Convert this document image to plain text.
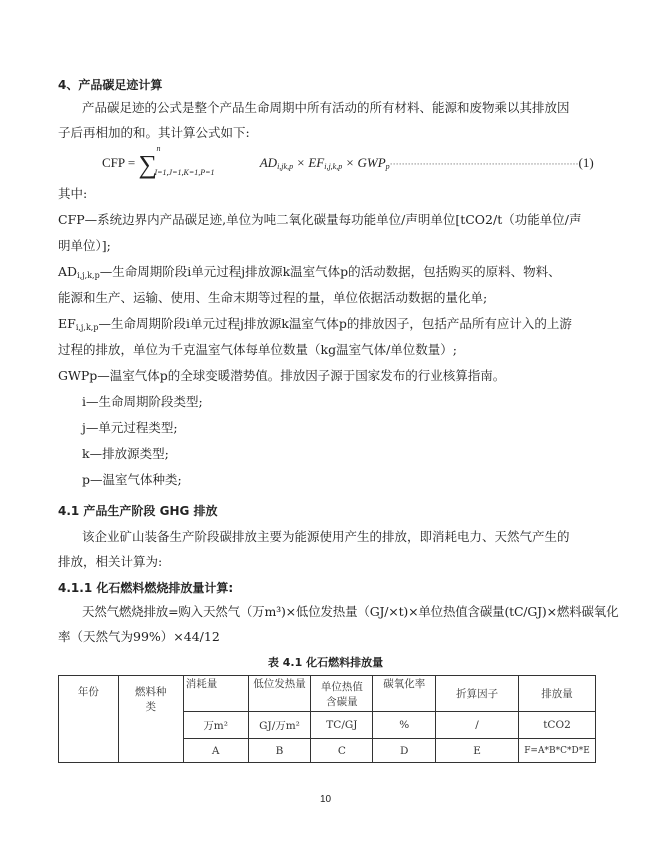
4、产品碳足迹计算
产品碳足迹的公式是整个产品生命周期中所有活动的所有材料、能源和废物乘以其排放因
子后再相加的和。其计算公式如下:
CFP = ∑
n
I=1,J=1,K=1,P=1
$AD_{i,jk,p} \times EF_{i,j,k,p} \times GWP_p\cdot\cdot\cdot\cdot\cdot\cdot\cdot\cdot\cdot\cdot\cdot\cdot\cdot\cdot\cdot\cdot\cdot\cdot\cdot\cdot\cdot\cdot\cdot\cdot\cdot\cdot\cdot\cdot\cdot\cdot\cdot\cdot\cdot\cdot\cdot\cdot\cdot\cdot\cdot\cdot\cdot\cdot\cdot\cdot\cdot\cdot\cdot\cdot\cdot\cdot\cdot\cdot\cdot\cdot\cdot\cdot\cdot\cdot\cdot\cdot\cdot\cdot\cdot(1)$
其中:
CFP—系统边界内产品碳足迹,单位为吨二氧化碳量每功能单位/声明单位[tCO2/t（功能单位/声
明单位）];
$AD_{i,j,k,p}—$生命周期阶段i单元过程j排放源k温室气体p的活动数据，包括购买的原料、物料、
能源和生产、运输、使用、生命末期等过程的量，单位依据活动数据的量化单;
$EF_{i,j,k,p}—$生命周期阶段i单元过程j排放源k温室气体p的排放因子，包括产品所有应计入的上游
过程的排放，单位为千克温室气体每单位数量（kg温室气体/单位数量）;
GWPp—温室气体p的全球变暖潜势值。排放因子源于国家发布的行业核算指南。
i—生命周期阶段类型;
j—单元过程类型;
k—排放源类型;
p—温室气体种类;
4.1 产品生产阶段 GHG 排放
该企业矿山装备生产阶段碳排放主要为能源使用产生的排放，即消耗电力、天然气产生的
排放，相关计算为:
4.1.1 化石燃料燃烧排放量计算:
天然气燃烧排放=购入天然气（万m³)×低位发热量（GJ/×t)×单位热值含碳量(tC/GJ)×燃料碳氧化
率（天然气为99%）×44/12
表 4.1 化石燃料排放量
年份	燃料种类	消耗量	低位发热量	单位热值含碳量	碳氧化率	折算因子	排放量
		万m²	GJ/万m²	TC/GJ	%	/	tCO2
		A	B	C	D	E	F=A*B*C*D*E
10
